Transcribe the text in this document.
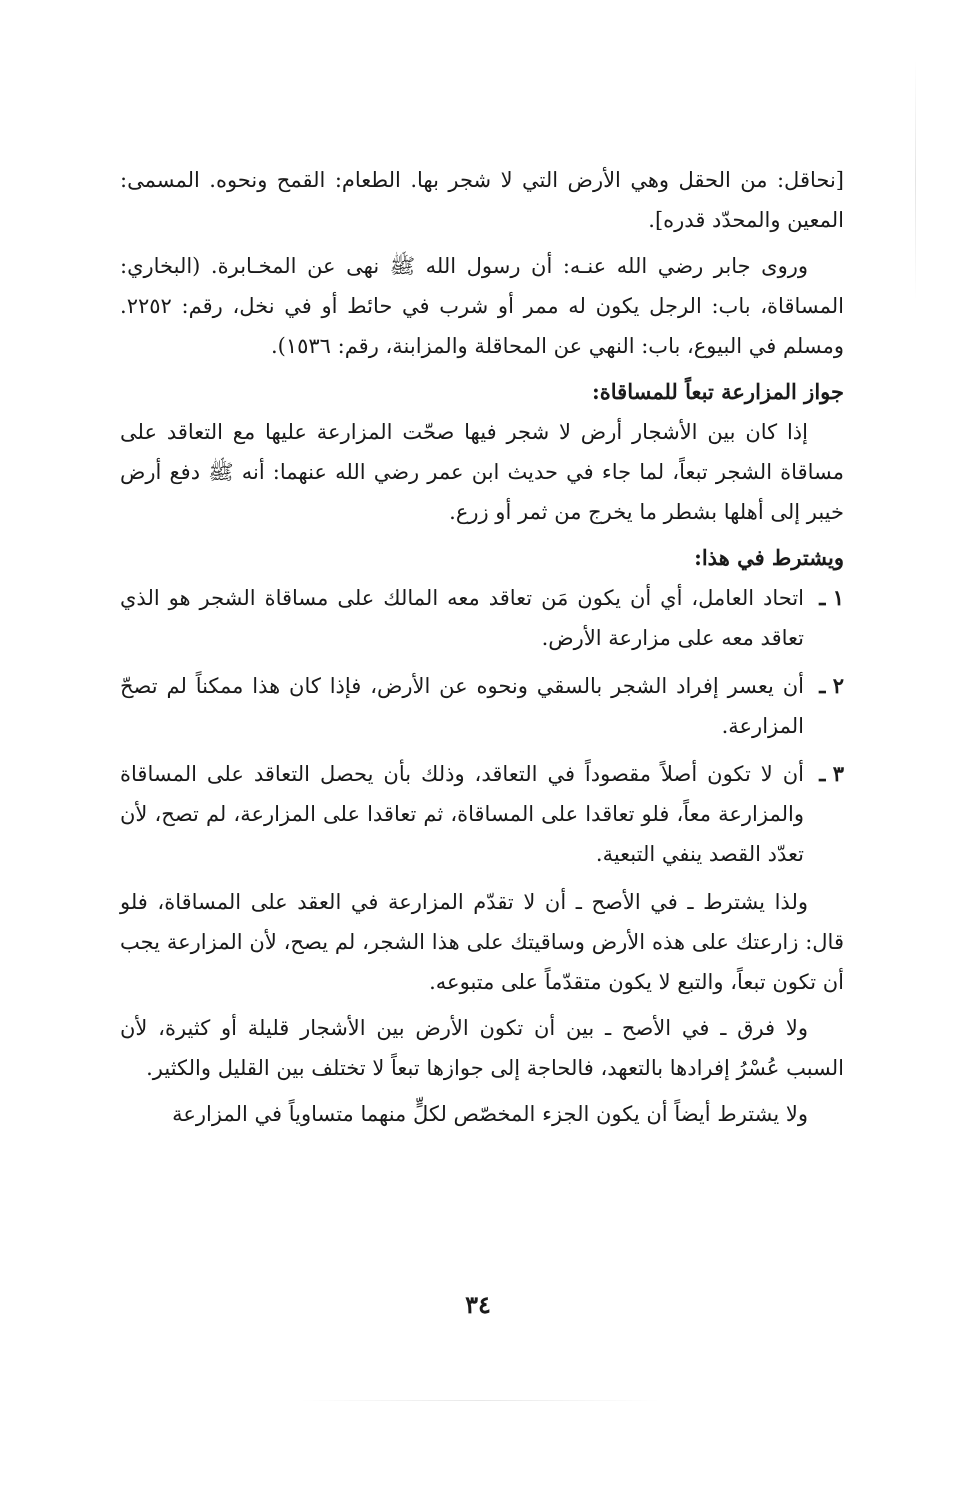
[نحاقل: من الحقل وهي الأرض التي لا شجر بها. الطعام: القمح ونحوه. المسمى: المعين والمحدّد قدره].

وروى جابر رضي الله عنـه: أن رسول الله ﷺ نهى عن المخـابرة. (البخاري: المساقاة، باب: الرجل يكون له ممر أو شرب في حائط أو في نخل، رقم: ٢٢٥٢. ومسلم في البيوع، باب: النهي عن المحاقلة والمزابنة، رقم: ١٥٣٦).

جواز المزارعة تبعاً للمساقاة:

إذا كان بين الأشجار أرض لا شجر فيها صحّت المزارعة عليها مع التعاقد على مساقاة الشجر تبعاً، لما جاء في حديث ابن عمر رضي الله عنهما: أنه ﷺ دفع أرض خيبر إلى أهلها بشطر ما يخرج من ثمر أو زرع.

ويشترط في هذا:

١ ـ
اتحاد العامل، أي أن يكون مَن تعاقد معه المالك على مساقاة الشجر هو الذي تعاقد معه على مزارعة الأرض.
٢ ـ
أن يعسر إفراد الشجر بالسقي ونحوه عن الأرض، فإذا كان هذا ممكناً لم تصحّ المزارعة.
٣ ـ
أن لا تكون أصلاً مقصوداً في التعاقد، وذلك بأن يحصل التعاقد على المساقاة والمزارعة معاً، فلو تعاقدا على المساقاة، ثم تعاقدا على المزارعة، لم تصح، لأن تعدّد القصد ينفي التبعية.

ولذا يشترط ـ في الأصح ـ أن لا تقدّم المزارعة في العقد على المساقاة، فلو قال: زارعتك على هذه الأرض وساقيتك على هذا الشجر، لم يصح، لأن المزارعة يجب أن تكون تبعاً، والتبع لا يكون متقدّماً على متبوعه.

ولا فرق ـ في الأصح ـ بين أن تكون الأرض بين الأشجار قليلة أو كثيرة، لأن السبب عُسْرُ إفرادها بالتعهد، فالحاجة إلى جوازها تبعاً لا تختلف بين القليل والكثير.

ولا يشترط أيضاً أن يكون الجزء المخصّص لكلٍّ منهما متساوياً في المزارعة

٣٤
